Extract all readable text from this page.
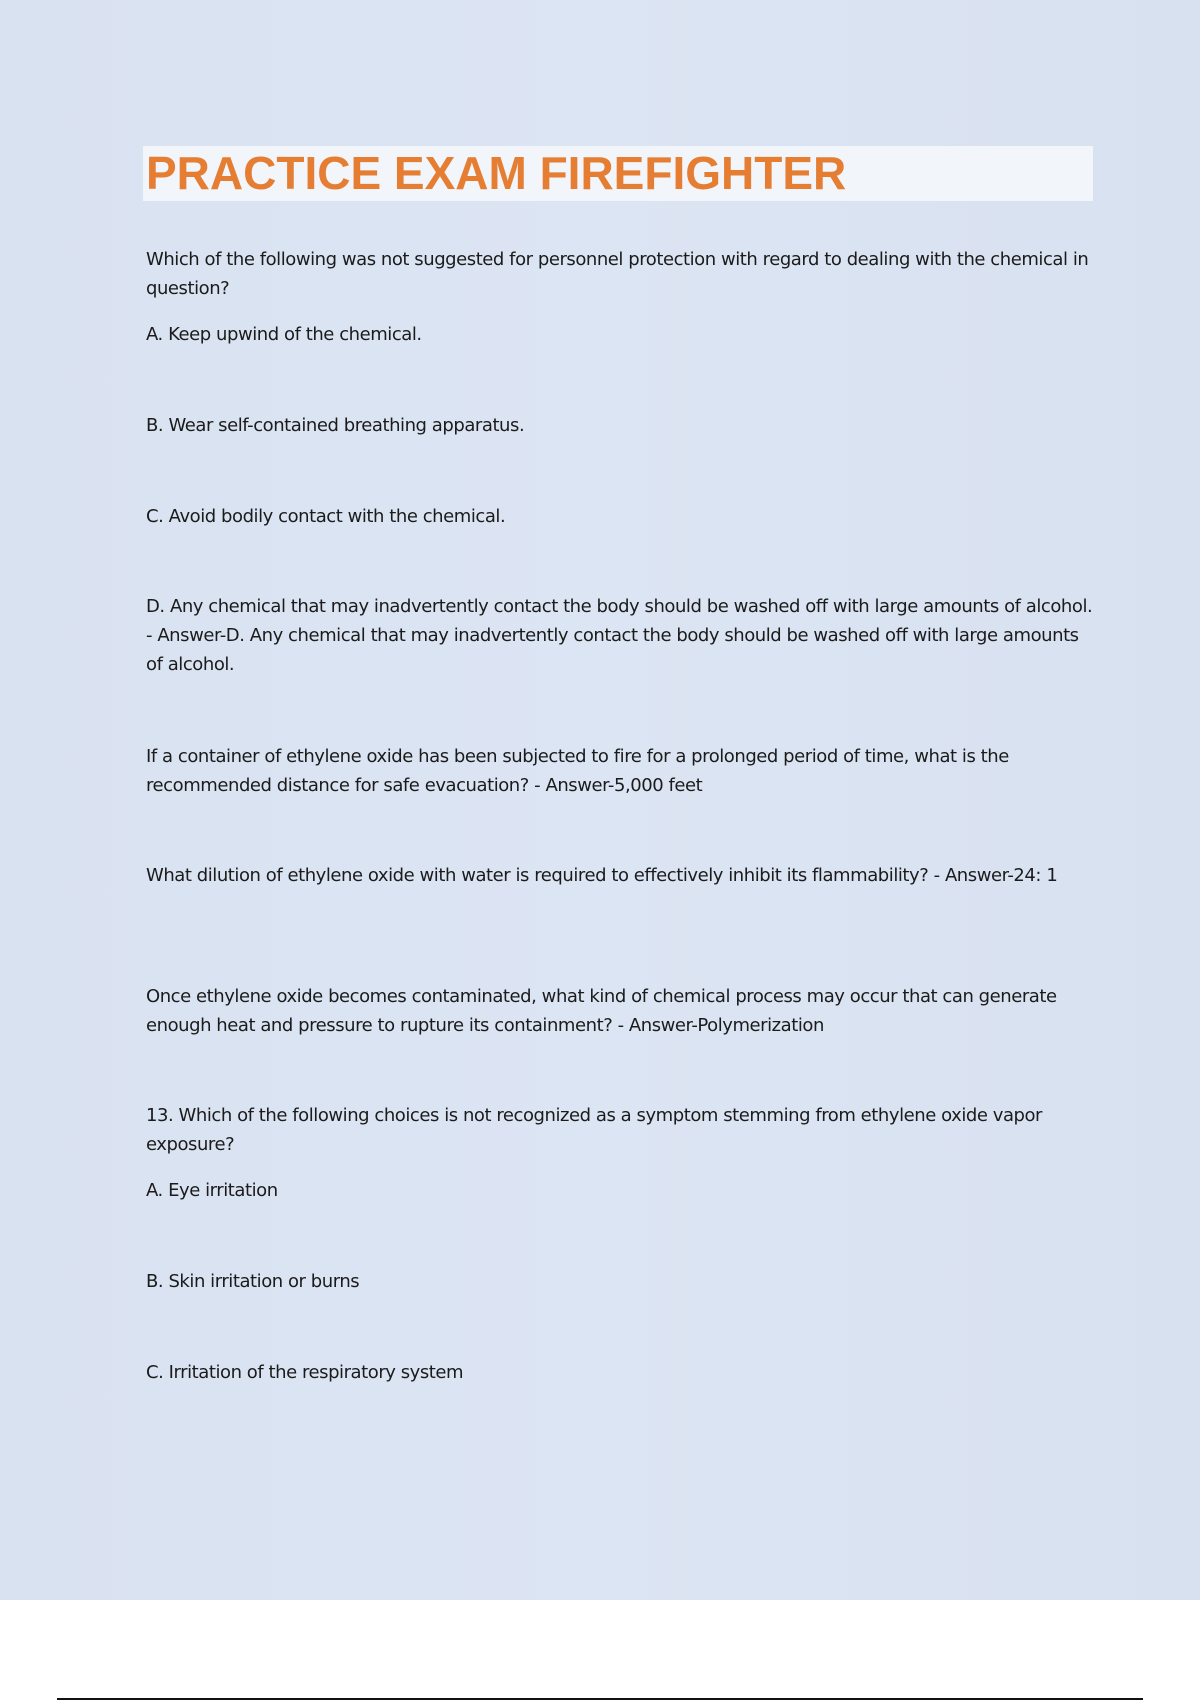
PRACTICE EXAM FIREFIGHTER

Which of the following was not suggested for personnel protection with regard to dealing with the chemical in question?

A. Keep upwind of the chemical.

B. Wear self-contained breathing apparatus.

C. Avoid bodily contact with the chemical.

D. Any chemical that may inadvertently contact the body should be washed off with large amounts of alcohol. - Answer-D. Any chemical that may inadvertently contact the body should be washed off with large amounts of alcohol.

If a container of ethylene oxide has been subjected to fire for a prolonged period of time, what is the recommended distance for safe evacuation? - Answer-5,000 feet

What dilution of ethylene oxide with water is required to effectively inhibit its flammability? - Answer-24: 1

Once ethylene oxide becomes contaminated, what kind of chemical process may occur that can generate enough heat and pressure to rupture its containment? - Answer-Polymerization

13. Which of the following choices is not recognized as a symptom stemming from ethylene oxide vapor exposure?

A. Eye irritation

B. Skin irritation or burns

C. Irritation of the respiratory system
